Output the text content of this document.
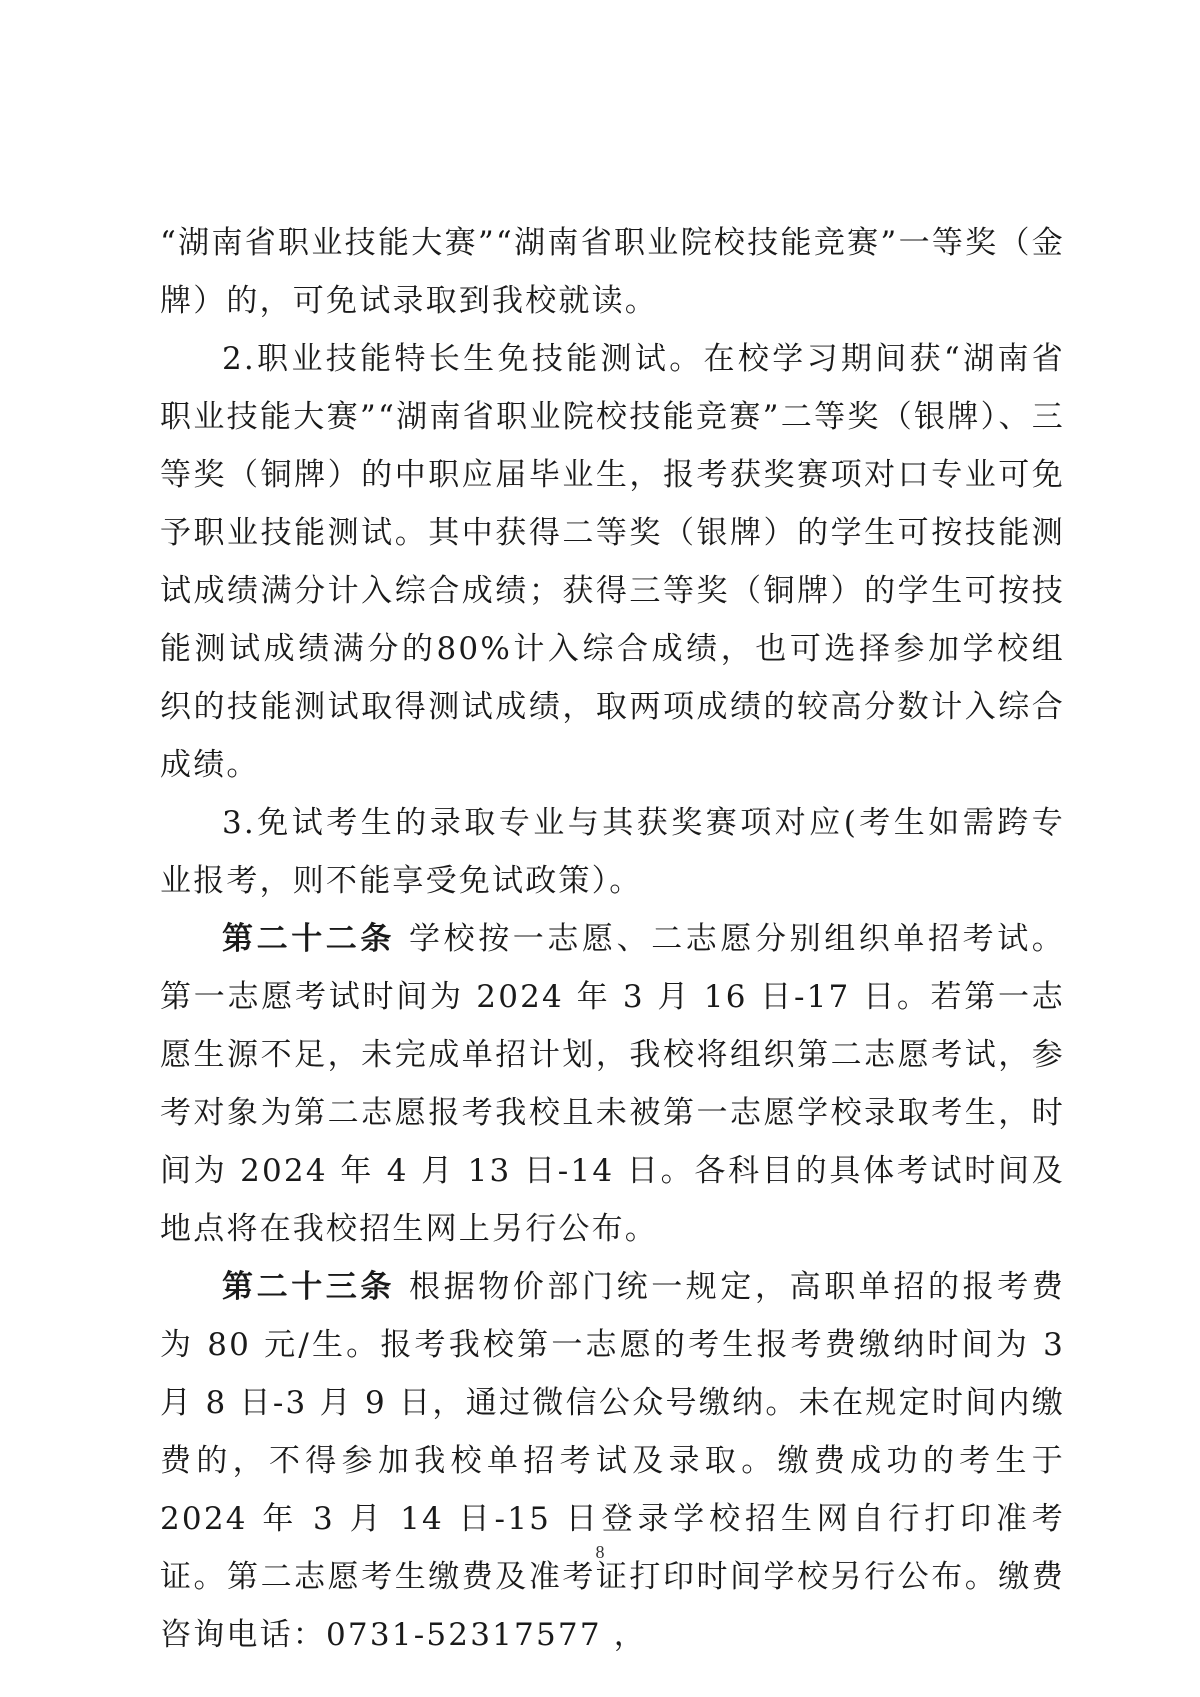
“湖南省职业技能大赛”“湖南省职业院校技能竞赛”一等奖（金牌）的，可免试录取到我校就读。

2.职业技能特长生免技能测试。在校学习期间获“湖南省职业技能大赛”“湖南省职业院校技能竞赛”二等奖（银牌）、三等奖（铜牌）的中职应届毕业生，报考获奖赛项对口专业可免予职业技能测试。其中获得二等奖（银牌）的学生可按技能测试成绩满分计入综合成绩；获得三等奖（铜牌）的学生可按技能测试成绩满分的80%计入综合成绩，也可选择参加学校组织的技能测试取得测试成绩，取两项成绩的较高分数计入综合成绩。

3.免试考生的录取专业与其获奖赛项对应(考生如需跨专业报考，则不能享受免试政策）。

第二十二条 学校按一志愿、二志愿分别组织单招考试。第一志愿考试时间为 2024 年 3 月 16 日-17 日。若第一志愿生源不足，未完成单招计划，我校将组织第二志愿考试，参考对象为第二志愿报考我校且未被第一志愿学校录取考生，时间为 2024 年 4 月 13 日-14 日。各科目的具体考试时间及地点将在我校招生网上另行公布。

第二十三条 根据物价部门统一规定，高职单招的报考费为 80 元/生。报考我校第一志愿的考生报考费缴纳时间为 3 月 8 日-3 月 9 日，通过微信公众号缴纳。未在规定时间内缴费的，不得参加我校单招考试及录取。缴费成功的考生于 2024 年 3 月 14 日-15 日登录学校招生网自行打印准考证。第二志愿考生缴费及准考证打印时间学校另行公布。缴费咨询电话：0731-52317577 ，

8
